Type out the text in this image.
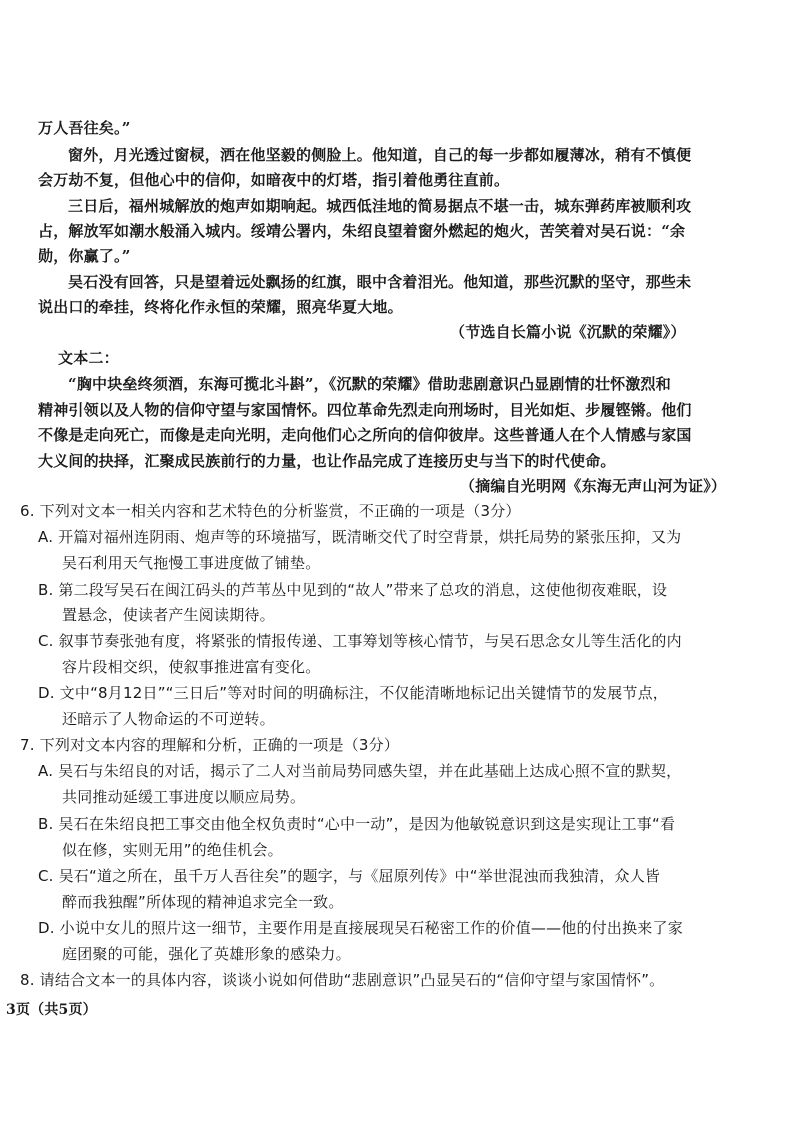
万人吾往矣。”
窗外，月光透过窗棂，洒在他坚毅的侧脸上。他知道，自己的每一步都如履薄冰，稍有不慎便
会万劫不复，但他心中的信仰，如暗夜中的灯塔，指引着他勇往直前。
三日后，福州城解放的炮声如期响起。城西低洼地的简易据点不堪一击，城东弹药库被顺利攻
占，解放军如潮水般涌入城内。绥靖公署内，朱绍良望着窗外燃起的炮火，苦笑着对吴石说：“余
勋，你赢了。”
吴石没有回答，只是望着远处飘扬的红旗，眼中含着泪光。他知道，那些沉默的坚守，那些未
说出口的牵挂，终将化作永恒的荣耀，照亮华夏大地。
（节选自长篇小说《沉默的荣耀》）
文本二：
“胸中块垒终须酒，东海可揽北斗斟”，《沉默的荣耀》借助悲剧意识凸显剧情的壮怀激烈和
精神引领以及人物的信仰守望与家国情怀。四位革命先烈走向刑场时，目光如炬、步履铿锵。他们
不像是走向死亡，而像是走向光明，走向他们心之所向的信仰彼岸。这些普通人在个人情感与家国
大义间的抉择，汇聚成民族前行的力量，也让作品完成了连接历史与当下的时代使命。
（摘编自光明网《东海无声山河为证》）
6. 下列对文本一相关内容和艺术特色的分析鉴赏，不正确的一项是（3分）
A. 开篇对福州连阴雨、炮声等的环境描写，既清晰交代了时空背景，烘托局势的紧张压抑，又为
吴石利用天气拖慢工事进度做了铺垫。
B. 第二段写吴石在闽江码头的芦苇丛中见到的“故人”带来了总攻的消息，这使他彻夜难眠，设
置悬念，使读者产生阅读期待。
C. 叙事节奏张弛有度，将紧张的情报传递、工事筹划等核心情节，与吴石思念女儿等生活化的内
容片段相交织，使叙事推进富有变化。
D. 文中“8月12日”“三日后”等对时间的明确标注，不仅能清晰地标记出关键情节的发展节点，
还暗示了人物命运的不可逆转。
7. 下列对文本内容的理解和分析，正确的一项是（3分）
A. 吴石与朱绍良的对话，揭示了二人对当前局势同感失望，并在此基础上达成心照不宣的默契，
共同推动延缓工事进度以顺应局势。
B. 吴石在朱绍良把工事交由他全权负责时“心中一动”，是因为他敏锐意识到这是实现让工事“看
似在修，实则无用”的绝佳机会。
C. 吴石“道之所在，虽千万人吾往矣”的题字，与《屈原列传》中“举世混浊而我独清，众人皆
醉而我独醒”所体现的精神追求完全一致。
D. 小说中女儿的照片这一细节，主要作用是直接展现吴石秘密工作的价值——他的付出换来了家
庭团聚的可能，强化了英雄形象的感染力。
8. 请结合文本一的具体内容，谈谈小说如何借助“悲剧意识”凸显吴石的“信仰守望与家国情怀”。
3页（共5页）
